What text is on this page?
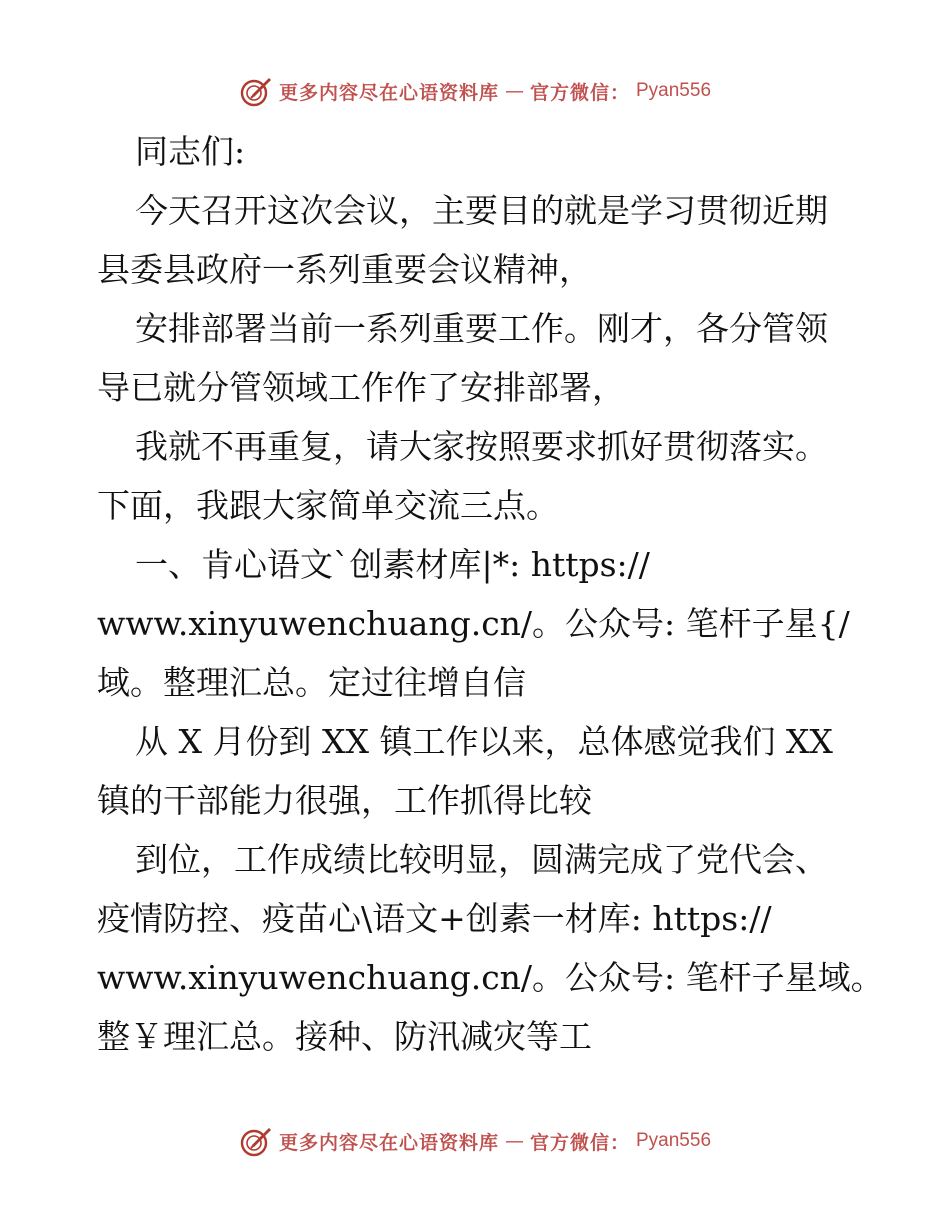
更多内容尽在心语资料库 — 官方微信： Pyan556
同志们:
今天召开这次会议，主要目的就是学习贯彻近期
县委县政府一系列重要会议精神，
安排部署当前一系列重要工作。刚才，各分管领
导已就分管领域工作作了安排部署，
我就不再重复，请大家按照要求抓好贯彻落实。
下面，我跟大家简单交流三点。
一、肯心语文`创素材库|*: https://
www.xinyuwenchuang.cn/。公众号: 笔杆子星{/
域。整理汇总。定过往增自信
从 X 月份到 XX 镇工作以来，总体感觉我们 XX
镇的干部能力很强，工作抓得比较
到位，工作成绩比较明显，圆满完成了党代会、
疫情防控、疫苗心\语文+创素一材库: https://
www.xinyuwenchuang.cn/。公众号: 笔杆子星域。
整￥理汇总。接种、防汛减灾等工
更多内容尽在心语资料库 — 官方微信： Pyan556
